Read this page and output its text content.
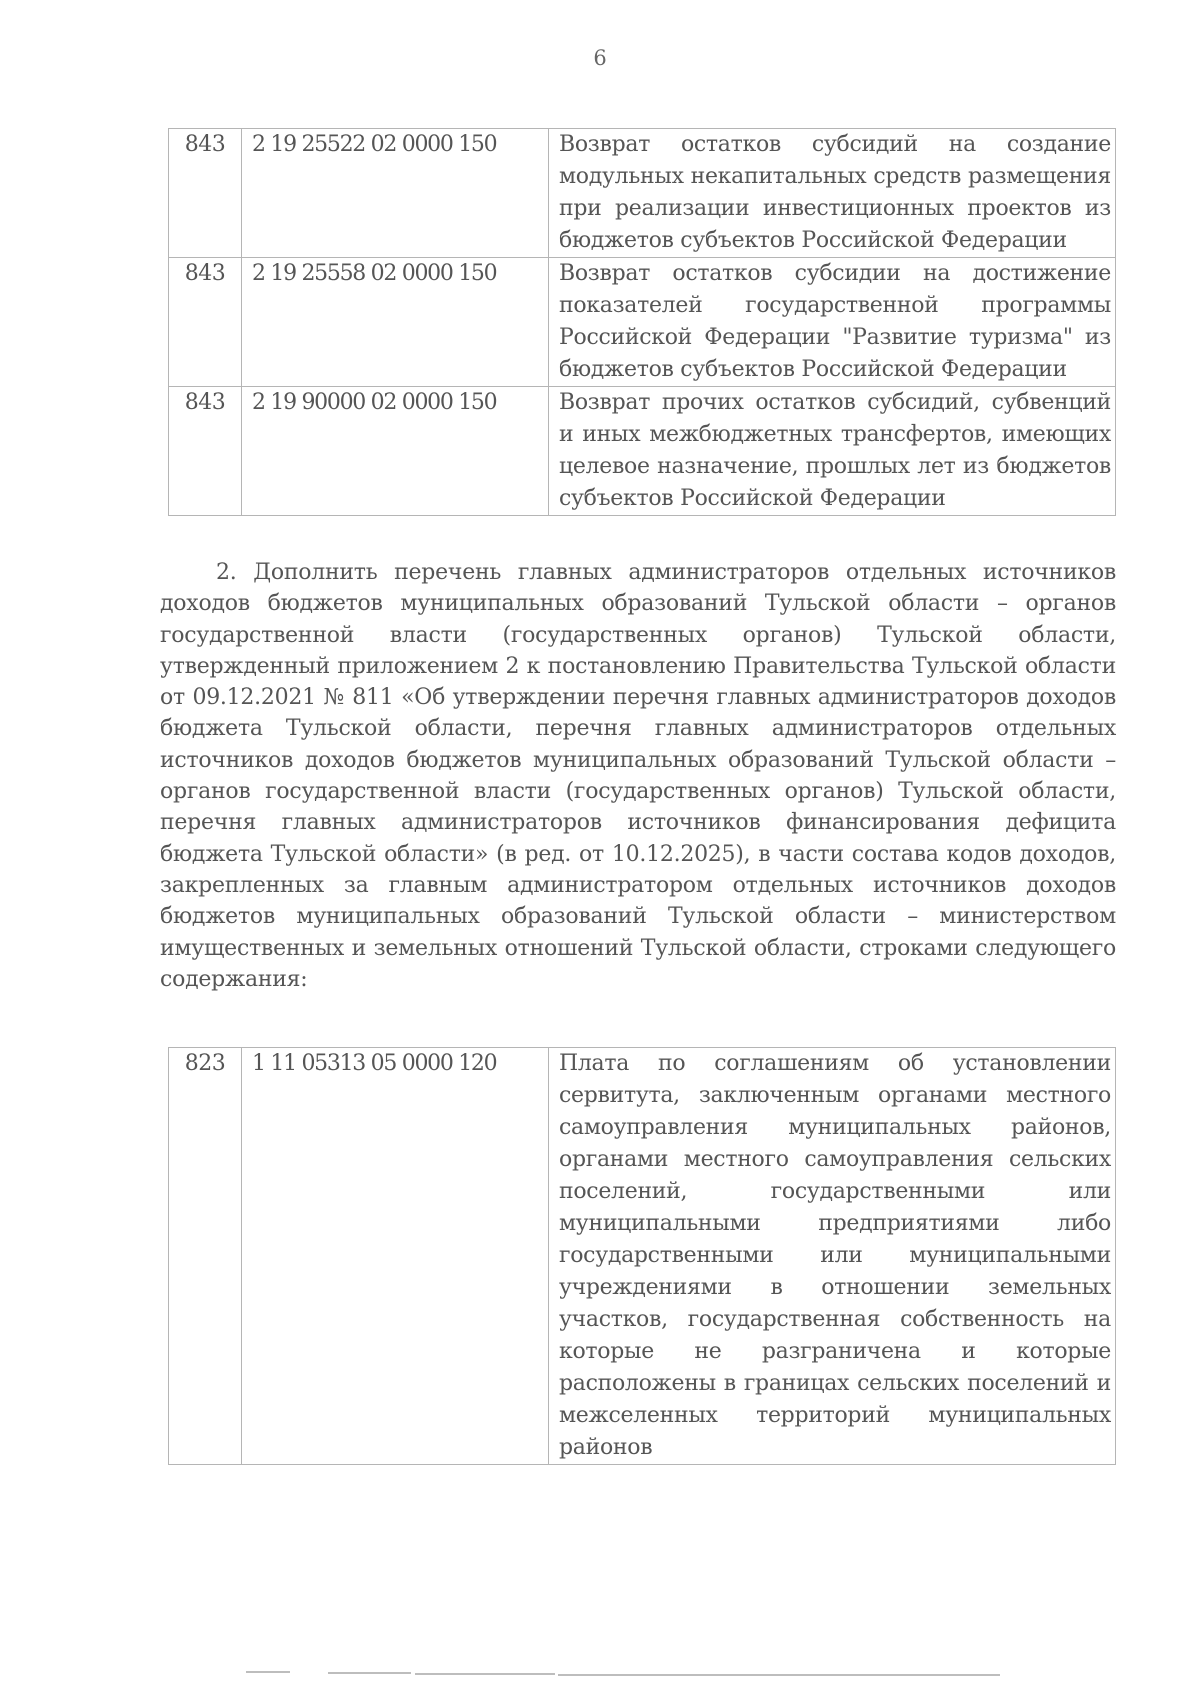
6
843	2 19 25522 02 0000 150	Возврат остатков субсидий на создание модульных некапитальных средств размещения при реализации инвестиционных проектов из бюджетов субъектов Российской Федерации
843	2 19 25558 02 0000 150	Возврат остатков субсидии на достижение показателей государственной программы Российской Федерации "Развитие туризма" из бюджетов субъектов Российской Федерации
843	2 19 90000 02 0000 150	Возврат прочих остатков субсидий, субвенций и иных межбюджетных трансфертов, имеющих целевое назначение, прошлых лет из бюджетов субъектов Российской Федерации

2. Дополнить перечень главных администраторов отдельных источников доходов бюджетов муниципальных образований Тульской области – органов государственной власти (государственных органов) Тульской области, утвержденный приложением 2 к постановлению Правительства Тульской области от 09.12.2021 № 811 «Об утверждении перечня главных администраторов доходов бюджета Тульской области, перечня главных администраторов отдельных источников доходов бюджетов муниципальных образований Тульской области – органов государственной власти (государственных органов) Тульской области, перечня главных администраторов источников финансирования дефицита бюджета Тульской области» (в ред. от 10.12.2025), в части состава кодов доходов, закрепленных за главным администратором отдельных источников доходов бюджетов муниципальных образований Тульской области – министерством имущественных и земельных отношений Тульской области, строками следующего содержания:

823	1 11 05313 05 0000 120	Плата по соглашениям об установлении сервитута, заключенным органами местного самоуправления муниципальных районов, органами местного самоуправления сельских поселений, государственными или муниципальными предприятиями либо государственными или муниципальными учреждениями в отношении земельных участков, государственная собственность на которые не разграничена и которые расположены в границах сельских поселений и межселенных территорий муниципальных районов
